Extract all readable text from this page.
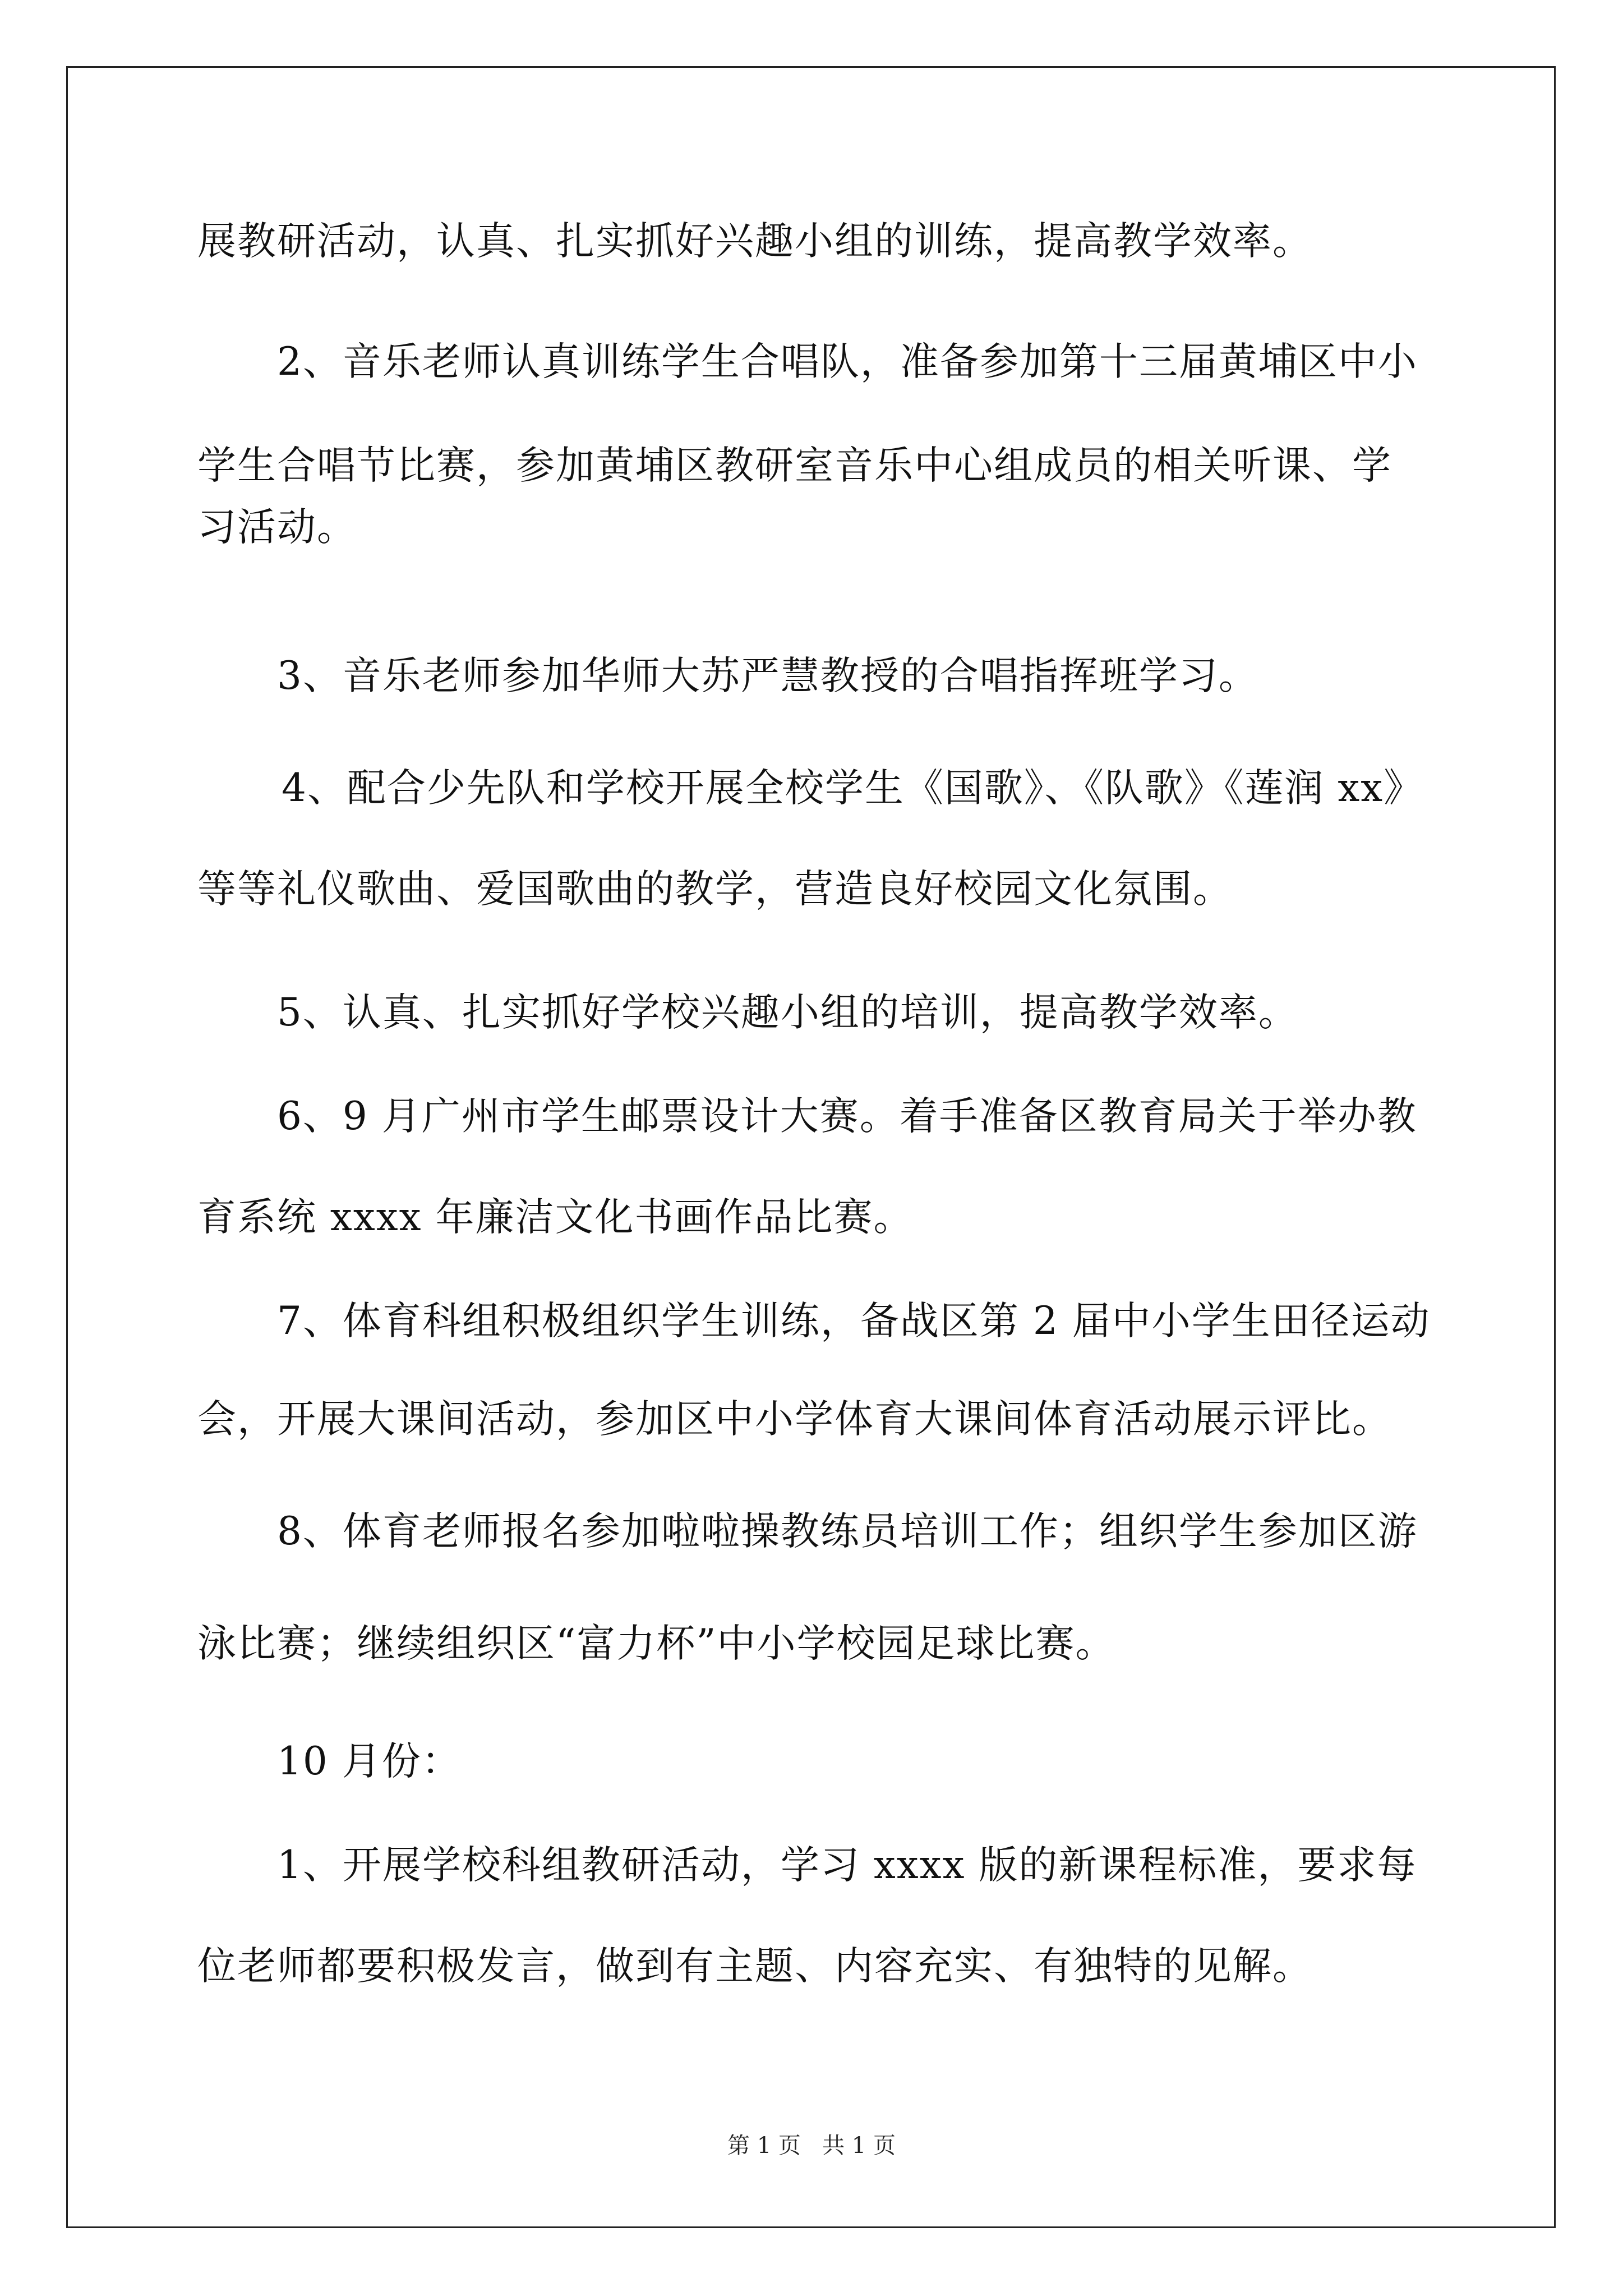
展教研活动，认真、扎实抓好兴趣小组的训练，提高教学效率。
2、音乐老师认真训练学生合唱队，准备参加第十三届黄埔区中小
学生合唱节比赛，参加黄埔区教研室音乐中心组成员的相关听课、学
习活动。
3、音乐老师参加华师大苏严慧教授的合唱指挥班学习。
4、配合少先队和学校开展全校学生《国歌》、《队歌》《莲润 xx》
等等礼仪歌曲、爱国歌曲的教学，营造良好校园文化氛围。
5、认真、扎实抓好学校兴趣小组的培训，提高教学效率。
6、9 月广州市学生邮票设计大赛。着手准备区教育局关于举办教
育系统 xxxx 年廉洁文化书画作品比赛。
7、体育科组积极组织学生训练，备战区第 2 届中小学生田径运动
会，开展大课间活动，参加区中小学体育大课间体育活动展示评比。
8、体育老师报名参加啦啦操教练员培训工作；组织学生参加区游
泳比赛；继续组织区“富力杯”中小学校园足球比赛。
10 月份：
1、开展学校科组教研活动，学习 xxxx 版的新课程标准，要求每
位老师都要积极发言，做到有主题、内容充实、有独特的见解。
第 1 页   共 1 页
